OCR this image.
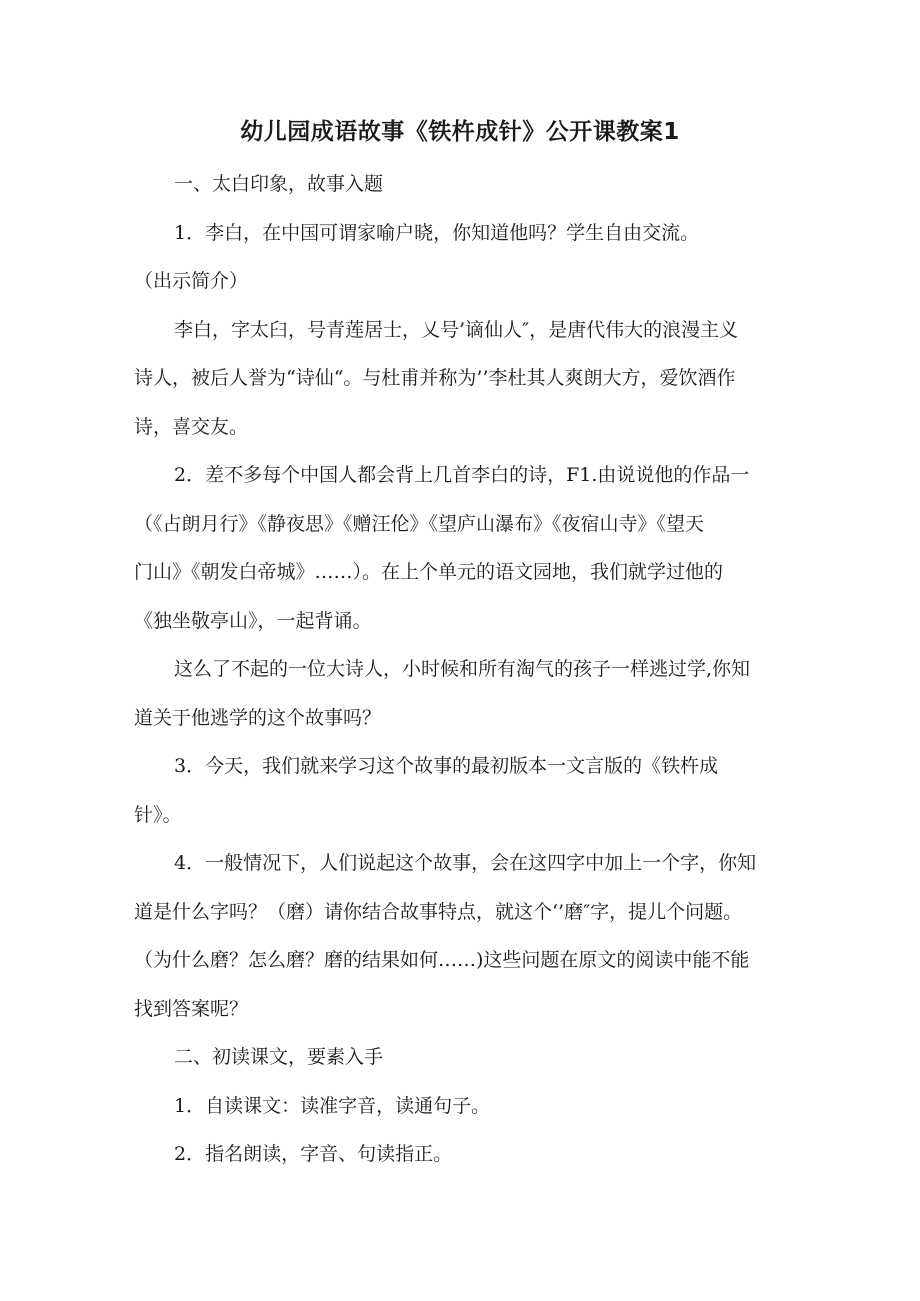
幼儿园成语故事《铁杵成针》公开课教案1

一、太白印象，故事入题

1．李白，在中国可谓家喻户晓，你知道他吗？学生自由交流。

（出示简介）

李白，字太臼，号青莲居士，乂号’谪仙人″，是唐代伟大的浪漫主义

诗人，被后人誉为“诗仙“。与杜甫并称为’’李杜其人爽朗大方，爱饮酒作

诗，喜交友。

2．差不多每个中国人都会背上几首李白的诗，F1.由说说他的作品一

（《占朗月行》《静夜思》《赠汪伦》《望庐山瀑布》《夜宿山寺》《望天

门山》《朝发白帝城》……）。在上个单元的语文园地，我们就学过他的

《独坐敬亭山》，一起背诵。

这么了不起的一位大诗人，小时候和所有淘气的孩子一样逃过学,你知

道关于他逃学的这个故事吗？

3．今天，我们就来学习这个故事的最初版本一文言版的《铁杵成

针》。

4．一般情况下，人们说起这个故事，会在这四字中加上一个字，你知

道是什么字吗？（磨）请你结合故事特点，就这个‘’磨″字，提儿个问题。

（为什么磨？怎么磨？磨的结果如何……)这些问题在原文的阅读中能不能

找到答案呢？

二、初读课文，要素入手

1．自读课文：读准字音，读通句子。

2．指名朗读，字音、句读指正。
